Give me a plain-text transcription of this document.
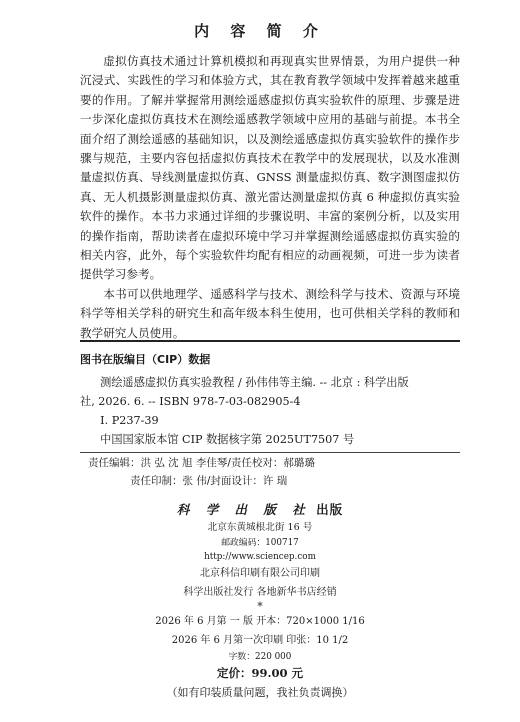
内 容 简 介

虚拟仿真技术通过计算机模拟和再现真实世界情景，为用户提供一种沉浸式、实践性的学习和体验方式，其在教育教学领域中发挥着越来越重要的作用。了解并掌握常用测绘遥感虚拟仿真实验软件的原理、步骤是进一步深化虚拟仿真技术在测绘遥感教学领域中应用的基础与前提。本书全面介绍了测绘遥感的基础知识，以及测绘遥感虚拟仿真实验软件的操作步骤与规范，主要内容包括虚拟仿真技术在教学中的发展现状，以及水准测量虚拟仿真、导线测量虚拟仿真、GNSS 测量虚拟仿真、数字测图虚拟仿真、无人机摄影测量虚拟仿真、激光雷达测量虚拟仿真 6 种虚拟仿真实验软件的操作。本书力求通过详细的步骤说明、丰富的案例分析，以及实用的操作指南，帮助读者在虚拟环境中学习并掌握测绘遥感虚拟仿真实验的相关内容，此外，每个实验软件均配有相应的动画视频，可进一步为读者提供学习参考。

本书可以供地理学、遥感科学与技术、测绘科学与技术、资源与环境科学等相关学科的研究生和高年级本科生使用，也可供相关学科的教师和教学研究人员使用。

图书在版编目（CIP）数据
测绘遥感虚拟仿真实验教程 / 孙伟伟等主编. -- 北京 : 科学出版
社, 2026. 6. -- ISBN 978-7-03-082905-4
Ⅰ. P237-39
中国国家版本馆 CIP 数据核字第 2025UT7507 号
责任编辑：洪 弘 沈 旭 李佳琴/责任校对：郝璐璐
责任印制：张 伟/封面设计：许 瑞
科 学 出 版 社 出版
北京东黄城根北街 16 号
邮政编码：100717
http://www.sciencep.com
北京科信印刷有限公司印刷
科学出版社发行 各地新华书店经销
*
2026 年 6 月第 一 版 开本：720×1000 1/16
2026 年 6 月第一次印刷 印张：10 1/2
字数：220 000
定价：99.00 元
（如有印装质量问题，我社负责调换）
